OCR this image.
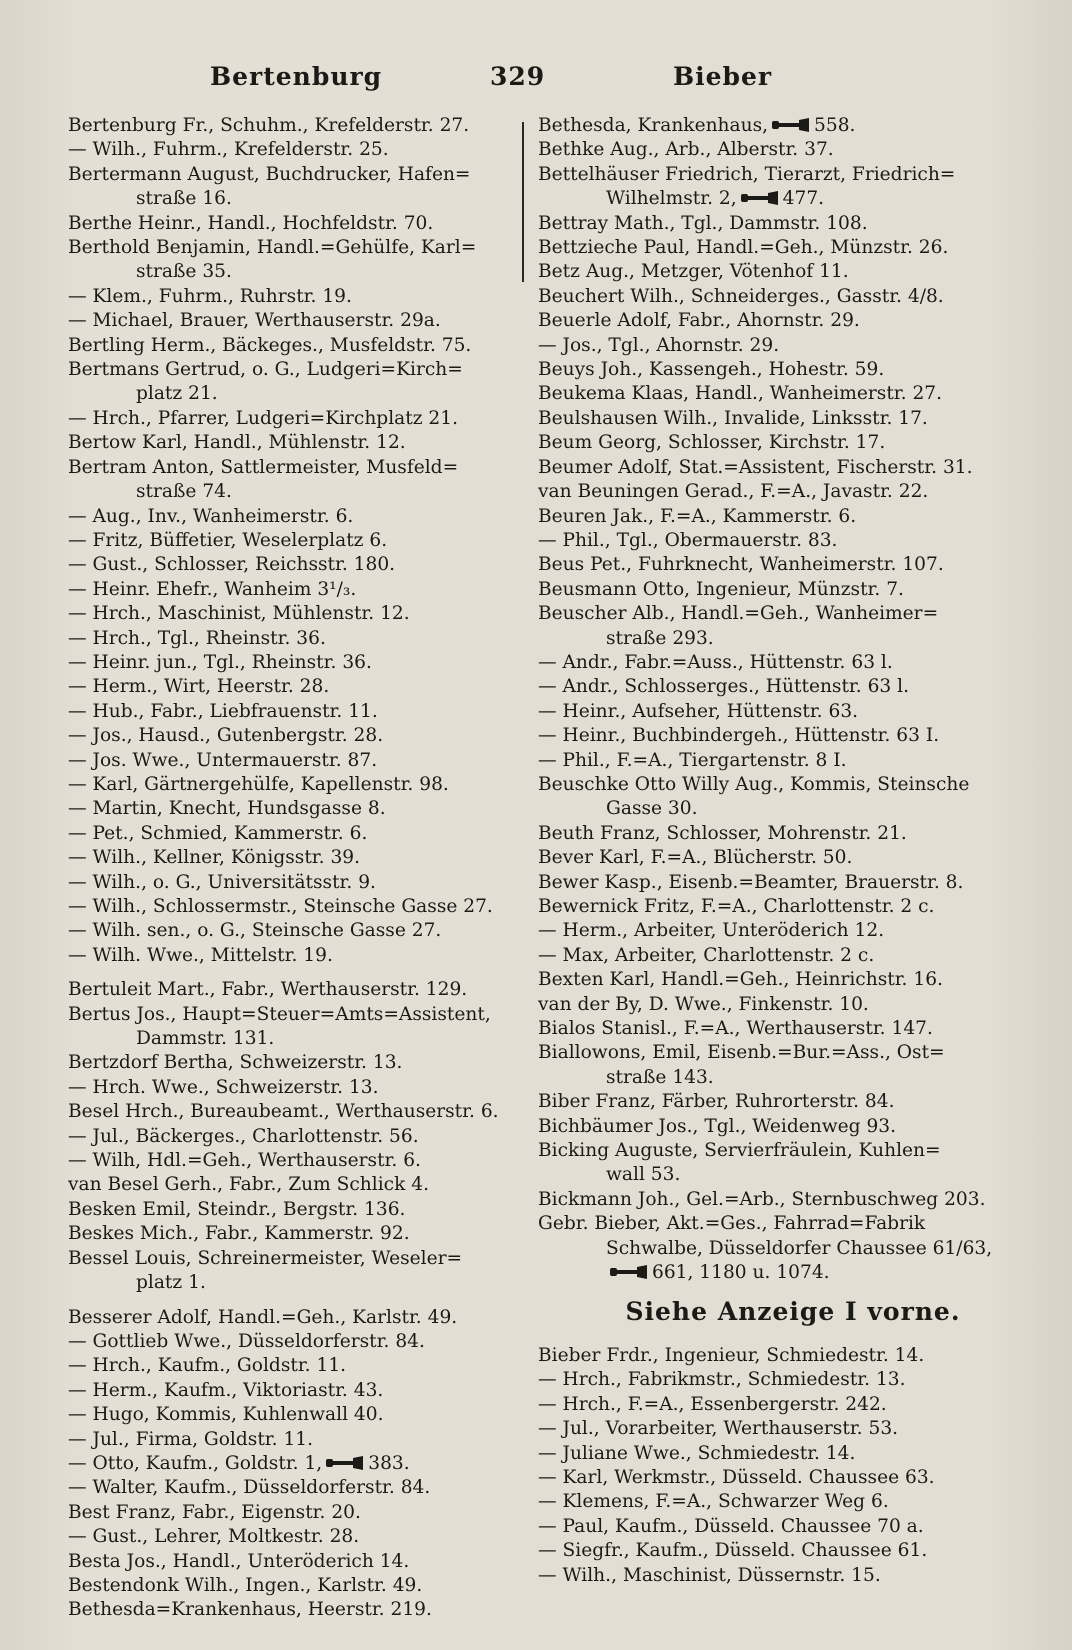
Bertenburg	329	Bieber
Bertenburg Fr., Schuhm., Krefelderstr. 27.
— Wilh., Fuhrm., Krefelderstr. 25.
Bertermann August, Buchdrucker, Hafen=
straße 16.
Berthe Heinr., Handl., Hochfeldstr. 70.
Berthold Benjamin, Handl.=Gehülfe, Karl=
straße 35.
— Klem., Fuhrm., Ruhrstr. 19.
— Michael, Brauer, Werthauserstr. 29a.
Bertling Herm., Bäckeges., Musfeldstr. 75.
Bertmans Gertrud, o. G., Ludgeri=Kirch=
platz 21.
— Hrch., Pfarrer, Ludgeri=Kirchplatz 21.
Bertow Karl, Handl., Mühlenstr. 12.
Bertram Anton, Sattlermeister, Musfeld=
straße 74.
— Aug., Inv., Wanheimerstr. 6.
— Fritz, Büffetier, Weselerplatz 6.
— Gust., Schlosser, Reichsstr. 180.
— Heinr. Ehefr., Wanheim 3¹/₃.
— Hrch., Maschinist, Mühlenstr. 12.
— Hrch., Tgl., Rheinstr. 36.
— Heinr. jun., Tgl., Rheinstr. 36.
— Herm., Wirt, Heerstr. 28.
— Hub., Fabr., Liebfrauenstr. 11.
— Jos., Hausd., Gutenbergstr. 28.
— Jos. Wwe., Untermauerstr. 87.
— Karl, Gärtnergehülfe, Kapellenstr. 98.
— Martin, Knecht, Hundsgasse 8.
— Pet., Schmied, Kammerstr. 6.
— Wilh., Kellner, Königsstr. 39.
— Wilh., o. G., Universitätsstr. 9.
— Wilh., Schlossermstr., Steinsche Gasse 27.
— Wilh. sen., o. G., Steinsche Gasse 27.
— Wilh. Wwe., Mittelstr. 19.
Bertuleit Mart., Fabr., Werthauserstr. 129.
Bertus Jos., Haupt=Steuer=Amts=Assistent,
Dammstr. 131.
Bertzdorf Bertha, Schweizerstr. 13.
— Hrch. Wwe., Schweizerstr. 13.
Besel Hrch., Bureaubeamt., Werthauserstr. 6.
— Jul., Bäckerges., Charlottenstr. 56.
— Wilh, Hdl.=Geh., Werthauserstr. 6.
van Besel Gerh., Fabr., Zum Schlick 4.
Besken Emil, Steindr., Bergstr. 136.
Beskes Mich., Fabr., Kammerstr. 92.
Bessel Louis, Schreinermeister, Weseler=
platz 1.
Besserer Adolf, Handl.=Geh., Karlstr. 49.
— Gottlieb Wwe., Düsseldorferstr. 84.
— Hrch., Kaufm., Goldstr. 11.
— Herm., Kaufm., Viktoriastr. 43.
— Hugo, Kommis, Kuhlenwall 40.
— Jul., Firma, Goldstr. 11.
— Otto, Kaufm., Goldstr. 1, 383.
— Walter, Kaufm., Düsseldorferstr. 84.
Best Franz, Fabr., Eigenstr. 20.
— Gust., Lehrer, Moltkestr. 28.
Besta Jos., Handl., Unteröderich 14.
Bestendonk Wilh., Ingen., Karlstr. 49.
Bethesda=Krankenhaus, Heerstr. 219.
Bethesda, Krankenhaus, 558.
Bethke Aug., Arb., Alberstr. 37.
Bettelhäuser Friedrich, Tierarzt, Friedrich=
Wilhelmstr. 2, 477.
Bettray Math., Tgl., Dammstr. 108.
Bettzieche Paul, Handl.=Geh., Münzstr. 26.
Betz Aug., Metzger, Vötenhof 11.
Beuchert Wilh., Schneiderges., Gasstr. 4/8.
Beuerle Adolf, Fabr., Ahornstr. 29.
— Jos., Tgl., Ahornstr. 29.
Beuys Joh., Kassengeh., Hohestr. 59.
Beukema Klaas, Handl., Wanheimerstr. 27.
Beulshausen Wilh., Invalide, Linksstr. 17.
Beum Georg, Schlosser, Kirchstr. 17.
Beumer Adolf, Stat.=Assistent, Fischerstr. 31.
van Beuningen Gerad., F.=A., Javastr. 22.
Beuren Jak., F.=A., Kammerstr. 6.
— Phil., Tgl., Obermauerstr. 83.
Beus Pet., Fuhrknecht, Wanheimerstr. 107.
Beusmann Otto, Ingenieur, Münzstr. 7.
Beuscher Alb., Handl.=Geh., Wanheimer=
straße 293.
— Andr., Fabr.=Auss., Hüttenstr. 63 l.
— Andr., Schlosserges., Hüttenstr. 63 l.
— Heinr., Aufseher, Hüttenstr. 63.
— Heinr., Buchbindergeh., Hüttenstr. 63 I.
— Phil., F.=A., Tiergartenstr. 8 I.
Beuschke Otto Willy Aug., Kommis, Steinsche
Gasse 30.
Beuth Franz, Schlosser, Mohrenstr. 21.
Bever Karl, F.=A., Blücherstr. 50.
Bewer Kasp., Eisenb.=Beamter, Brauerstr. 8.
Bewernick Fritz, F.=A., Charlottenstr. 2 c.
— Herm., Arbeiter, Unteröderich 12.
— Max, Arbeiter, Charlottenstr. 2 c.
Bexten Karl, Handl.=Geh., Heinrichstr. 16.
van der By, D. Wwe., Finkenstr. 10.
Bialos Stanisl., F.=A., Werthauserstr. 147.
Biallowons, Emil, Eisenb.=Bur.=Ass., Ost=
straße 143.
Biber Franz, Färber, Ruhrorterstr. 84.
Bichbäumer Jos., Tgl., Weidenweg 93.
Bicking Auguste, Servierfräulein, Kuhlen=
wall 53.
Bickmann Joh., Gel.=Arb., Sternbuschweg 203.
Gebr. Bieber, Akt.=Ges., Fahrrad=Fabrik
Schwalbe, Düsseldorfer Chaussee 61/63,
661, 1180 u. 1074.
Siehe Anzeige I vorne.
Bieber Frdr., Ingenieur, Schmiedestr. 14.
— Hrch., Fabrikmstr., Schmiedestr. 13.
— Hrch., F.=A., Essenbergerstr. 242.
— Jul., Vorarbeiter, Werthauserstr. 53.
— Juliane Wwe., Schmiedestr. 14.
— Karl, Werkmstr., Düsseld. Chaussee 63.
— Klemens, F.=A., Schwarzer Weg 6.
— Paul, Kaufm., Düsseld. Chaussee 70 a.
— Siegfr., Kaufm., Düsseld. Chaussee 61.
— Wilh., Maschinist, Düssernstr. 15.
